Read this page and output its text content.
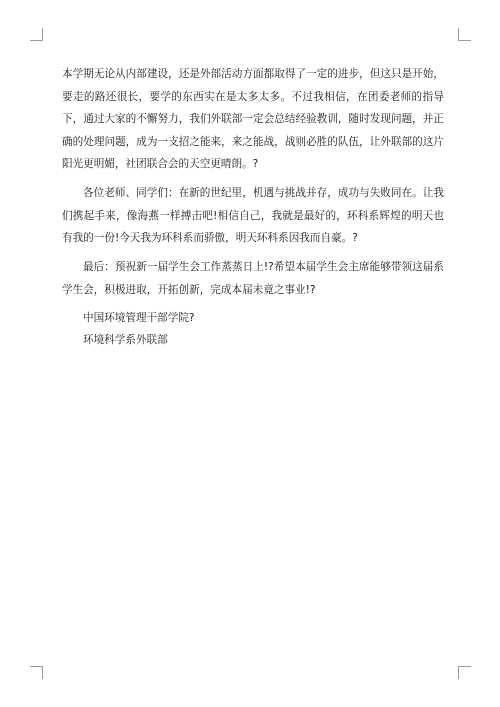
本学期无论从内部建设，还是外部活动方面都取得了一定的进步，但这只是开始，要走的路还很长，要学的东西实在是太多太多。不过我相信，在团委老师的指导下，通过大家的不懈努力，我们外联部一定会总结经验教训，随时发现问题，并正确的处理问题，成为一支招之能来，来之能战，战则必胜的队伍，让外联部的这片阳光更明媚，社团联合会的天空更晴朗。?

各位老师、同学们：在新的世纪里，机遇与挑战并存，成功与失败同在。让我们携起手来，像海燕一样搏击吧!相信自己，我就是最好的，环科系辉煌的明天也有我的一份!今天我为环科系而骄傲，明天环科系因我而自豪。?

最后：预祝新一届学生会工作蒸蒸日上!?希望本届学生会主席能够带领这届系学生会，积极进取，开拓创新，完成本届未竟之事业!?

中国环境管理干部学院?

环境科学系外联部
